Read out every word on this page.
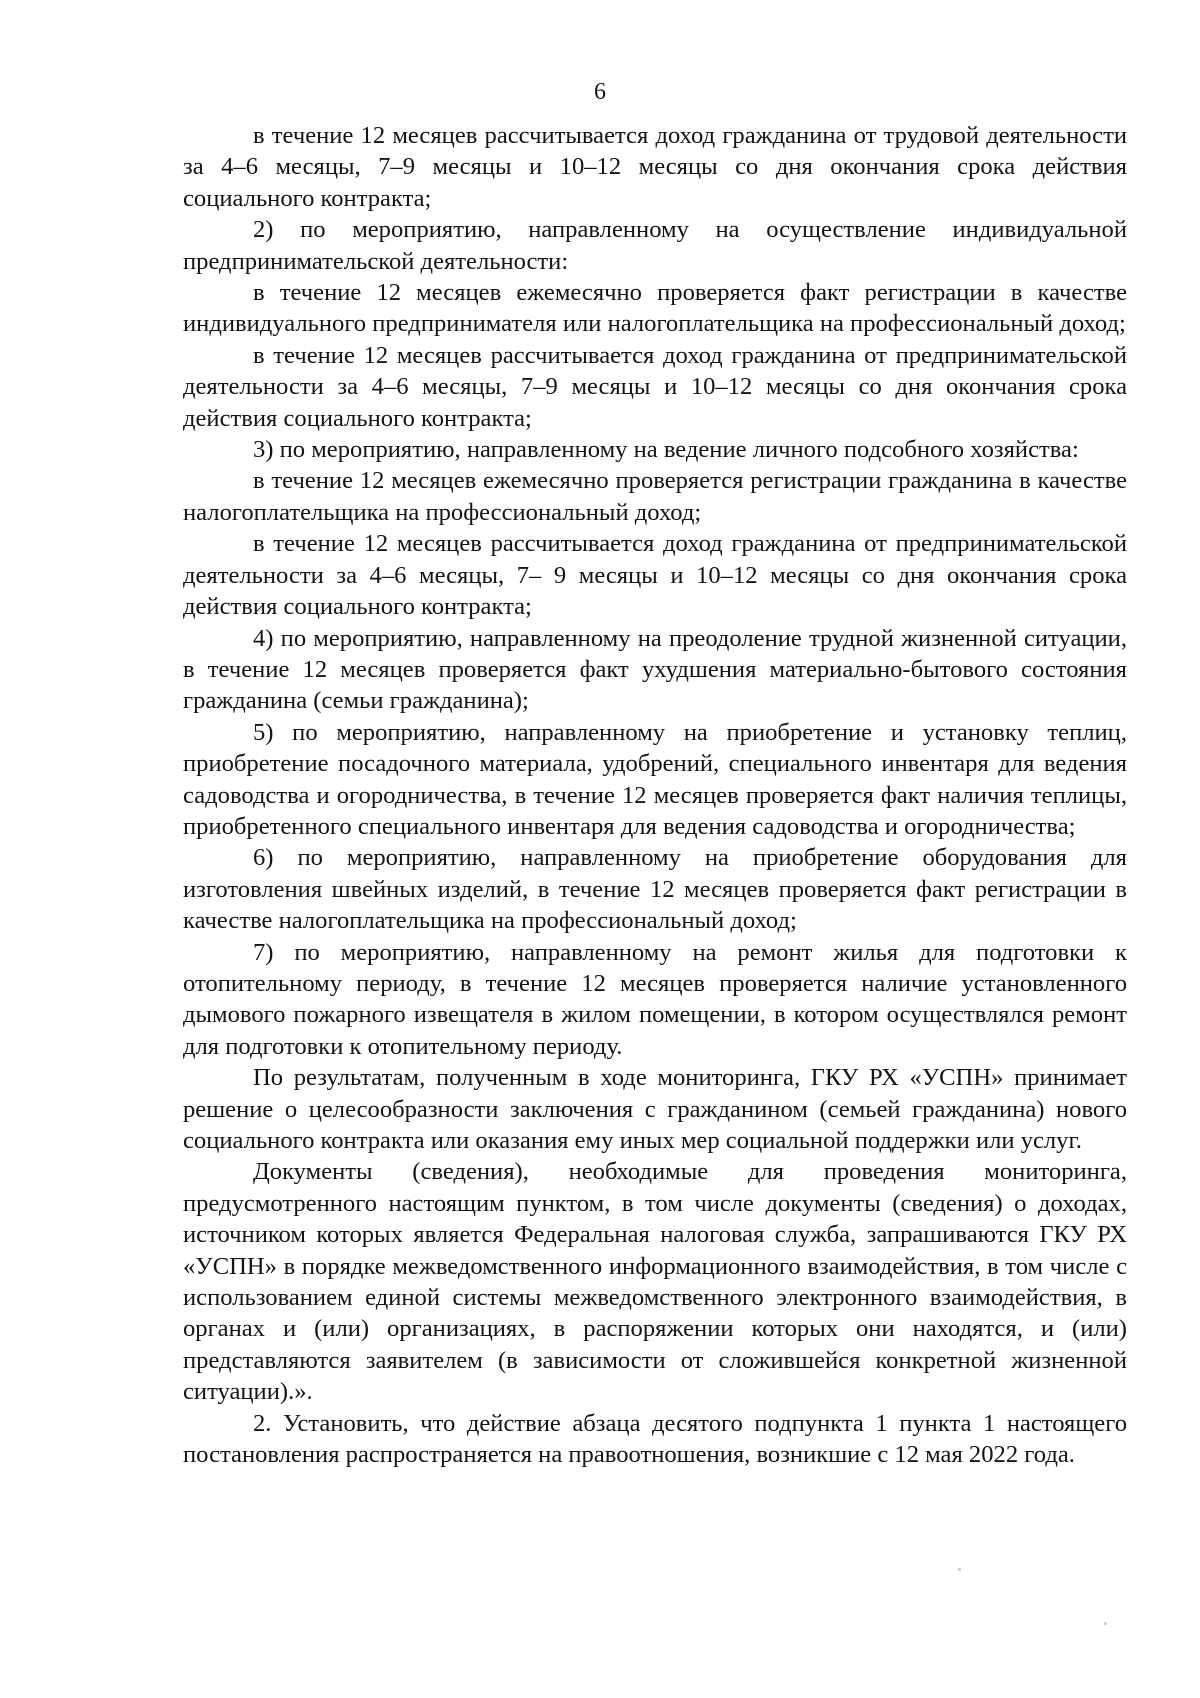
6

в течение 12 месяцев рассчитывается доход гражданина от трудовой деятельности за 4–6 месяцы, 7–9 месяцы и 10–12 месяцы со дня окончания срока действия социального контракта;

2) по мероприятию, направленному на осуществление индивидуальной предпринимательской деятельности:

в течение 12 месяцев ежемесячно проверяется факт регистрации в качестве индивидуального предпринимателя или налогоплательщика на профессиональный доход;

в течение 12 месяцев рассчитывается доход гражданина от предпринимательской деятельности за 4–6 месяцы, 7–9 месяцы и 10–12 месяцы со дня окончания срока действия социального контракта;

3) по мероприятию, направленному на ведение личного подсобного хозяйства:

в течение 12 месяцев ежемесячно проверяется регистрации гражданина в качестве налогоплательщика на профессиональный доход;

в течение 12 месяцев рассчитывается доход гражданина от предпринимательской деятельности за 4–6 месяцы, 7– 9 месяцы и 10–12 месяцы со дня окончания срока действия социального контракта;

4) по мероприятию, направленному на преодоление трудной жизненной ситуации, в течение 12 месяцев проверяется факт ухудшения материально-бытового состояния гражданина (семьи гражданина);

5) по мероприятию, направленному на приобретение и установку теплиц, приобретение посадочного материала, удобрений, специального инвентаря для ведения садоводства и огородничества, в течение 12 месяцев проверяется факт наличия теплицы, приобретенного специального инвентаря для ведения садоводства и огородничества;

6) по мероприятию, направленному на приобретение оборудования для изготовления швейных изделий, в течение 12 месяцев проверяется факт регистрации в качестве налогоплательщика на профессиональный доход;

7) по мероприятию, направленному на ремонт жилья для подготовки к отопительному периоду, в течение 12 месяцев проверяется наличие установленного дымового пожарного извещателя в жилом помещении, в котором осуществлялся ремонт для подготовки к отопительному периоду.

По результатам, полученным в ходе мониторинга, ГКУ РХ «УСПН» принимает решение о целесообразности заключения с гражданином (семьей гражданина) нового социального контракта или оказания ему иных мер социальной поддержки или услуг.

Документы (сведения), необходимые для проведения мониторинга, предусмотренного настоящим пунктом, в том числе документы (сведения) о доходах, источником которых является Федеральная налоговая служба, запрашиваются ГКУ РХ «УСПН» в порядке межведомственного информационного взаимодействия, в том числе с использованием единой системы межведомственного электронного взаимодействия, в органах и (или) организациях, в распоряжении которых они находятся, и (или) представляются заявителем (в зависимости от сложившейся конкретной жизненной ситуации).».

2. Установить, что действие абзаца десятого подпункта 1 пункта 1 настоящего постановления распространяется на правоотношения, возникшие с 12 мая 2022 года.
